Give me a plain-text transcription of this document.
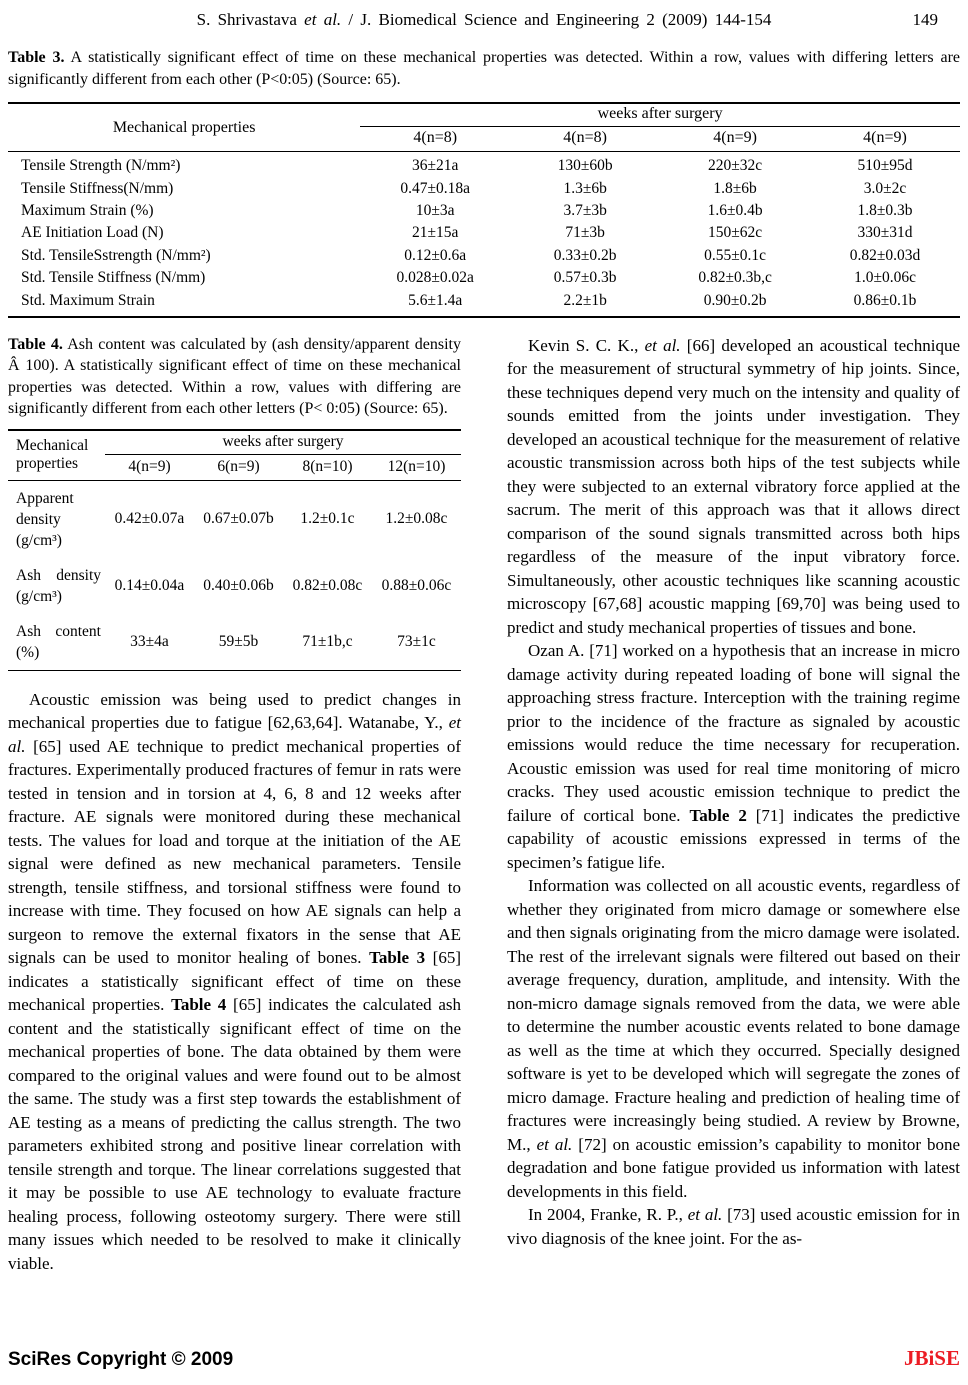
S. Shrivastava et al. / J. Biomedical Science and Engineering 2 (2009) 144-154	149

Table 3. A statistically significant effect of time on these mechanical properties was detected. Within a row, values with differing letters are significantly different from each other (P<0:05) (Source: 65).

Mechanical properties
weeks after surgery
4(n=8)	4(n=8)	4(n=9)	4(n=9)
Tensile Strength (N/mm²)	36±21a	130±60b	220±32c	510±95d
Tensile Stiffness(N/mm)	0.47±0.18a	1.3±6b	1.8±6b	3.0±2c
Maximum Strain (%)	10±3a	3.7±3b	1.6±0.4b	1.8±0.3b
AE Initiation Load (N)	21±15a	71±3b	150±62c	330±31d
Std. TensileSstrength (N/mm²)	0.12±0.6a	0.33±0.2b	0.55±0.1c	0.82±0.03d
Std. Tensile Stiffness (N/mm)	0.028±0.02a	0.57±0.3b	0.82±0.3b,c	1.0±0.06c
Std. Maximum Strain	5.6±1.4a	2.2±1b	0.90±0.2b	0.86±0.1b

Table 4. Ash content was calculated by (ash density/apparent density Â 100). A statistically significant effect of time on these mechanical properties was detected. Within a row, values with differing are significantly different from each other letters (P< 0:05) (Source: 65).

Mechanical properties
weeks after surgery
4(n=9)	6(n=9)	8(n=10)	12(n=10)
Apparent density (g/cm³)
0.42±0.07a	0.67±0.07b	1.2±0.1c	1.2±0.08c
Ash density (g/cm³)
0.14±0.04a	0.40±0.06b	0.82±0.08c	0.88±0.06c
Ash content (%)
33±4a	59±5b	71±1b,c	73±1c

Acoustic emission was being used to predict changes in mechanical properties due to fatigue [62,63,64]. Watanabe, Y., et al. [65] used AE technique to predict mechanical properties of fractures. Experimentally produced fractures of femur in rats were tested in tension and in torsion at 4, 6, 8 and 12 weeks after fracture. AE signals were monitored during these mechanical tests. The values for load and torque at the initiation of the AE signal were defined as new mechanical parameters. Tensile strength, tensile stiffness, and torsional stiffness were found to increase with time. They focused on how AE signals can help a surgeon to remove the external fixators in the sense that AE signals can be used to monitor healing of bones. Table 3 [65] indicates a statistically significant effect of time on these mechanical properties. Table 4 [65] indicates the calculated ash content and the statistically significant effect of time on the mechanical properties of bone. The data obtained by them were compared to the original values and were found out to be almost the same. The study was a first step towards the establishment of AE testing as a means of predicting the callus strength. The two parameters exhibited strong and positive linear correlation with tensile strength and torque. The linear correlations suggested that it may be possible to use AE technology to evaluate fracture healing process, following osteotomy surgery. There were still many issues which needed to be resolved to make it clinically viable.

Kevin S. C. K., et al. [66] developed an acoustical technique for the measurement of structural symmetry of hip joints. Since, these techniques depend very much on the intensity and quality of sounds emitted from the joints under investigation. They developed an acoustical technique for the measurement of relative acoustic transmission across both hips of the test subjects while they were subjected to an external vibratory force applied at the sacrum. The merit of this approach was that it allows direct comparison of the sound signals transmitted across both hips regardless of the measure of the input vibratory force. Simultaneously, other acoustic techniques like scanning acoustic microscopy [67,68] acoustic mapping [69,70] was being used to predict and study mechanical properties of tissues and bone.

Ozan A. [71] worked on a hypothesis that an increase in micro damage activity during repeated loading of bone will signal the approaching stress fracture. Interception with the training regime prior to the incidence of the fracture as signaled by acoustic emissions would reduce the time necessary for recuperation. Acoustic emission was used for real time monitoring of micro cracks. They used acoustic emission technique to predict the failure of cortical bone. Table 2 [71] indicates the predictive capability of acoustic emissions expressed in terms of the specimen’s fatigue life.

Information was collected on all acoustic events, regardless of whether they originated from micro damage or somewhere else and then signals originating from the micro damage were isolated. The rest of the irrelevant signals were filtered out based on their average frequency, duration, amplitude, and intensity. With the non-micro damage signals removed from the data, we were able to determine the number acoustic events related to bone damage as well as the time at which they occurred. Specially designed software is yet to be developed which will segregate the zones of micro damage. Fracture healing and prediction of healing time of fractures were increasingly being studied. A review by Browne, M., et al. [72] on acoustic emission’s capability to monitor bone degradation and bone fatigue provided us information with latest developments in this field.

In 2004, Franke, R. P., et al. [73] used acoustic emission for in vivo diagnosis of the knee joint. For the as-

SciRes Copyright © 2009	JBiSE
